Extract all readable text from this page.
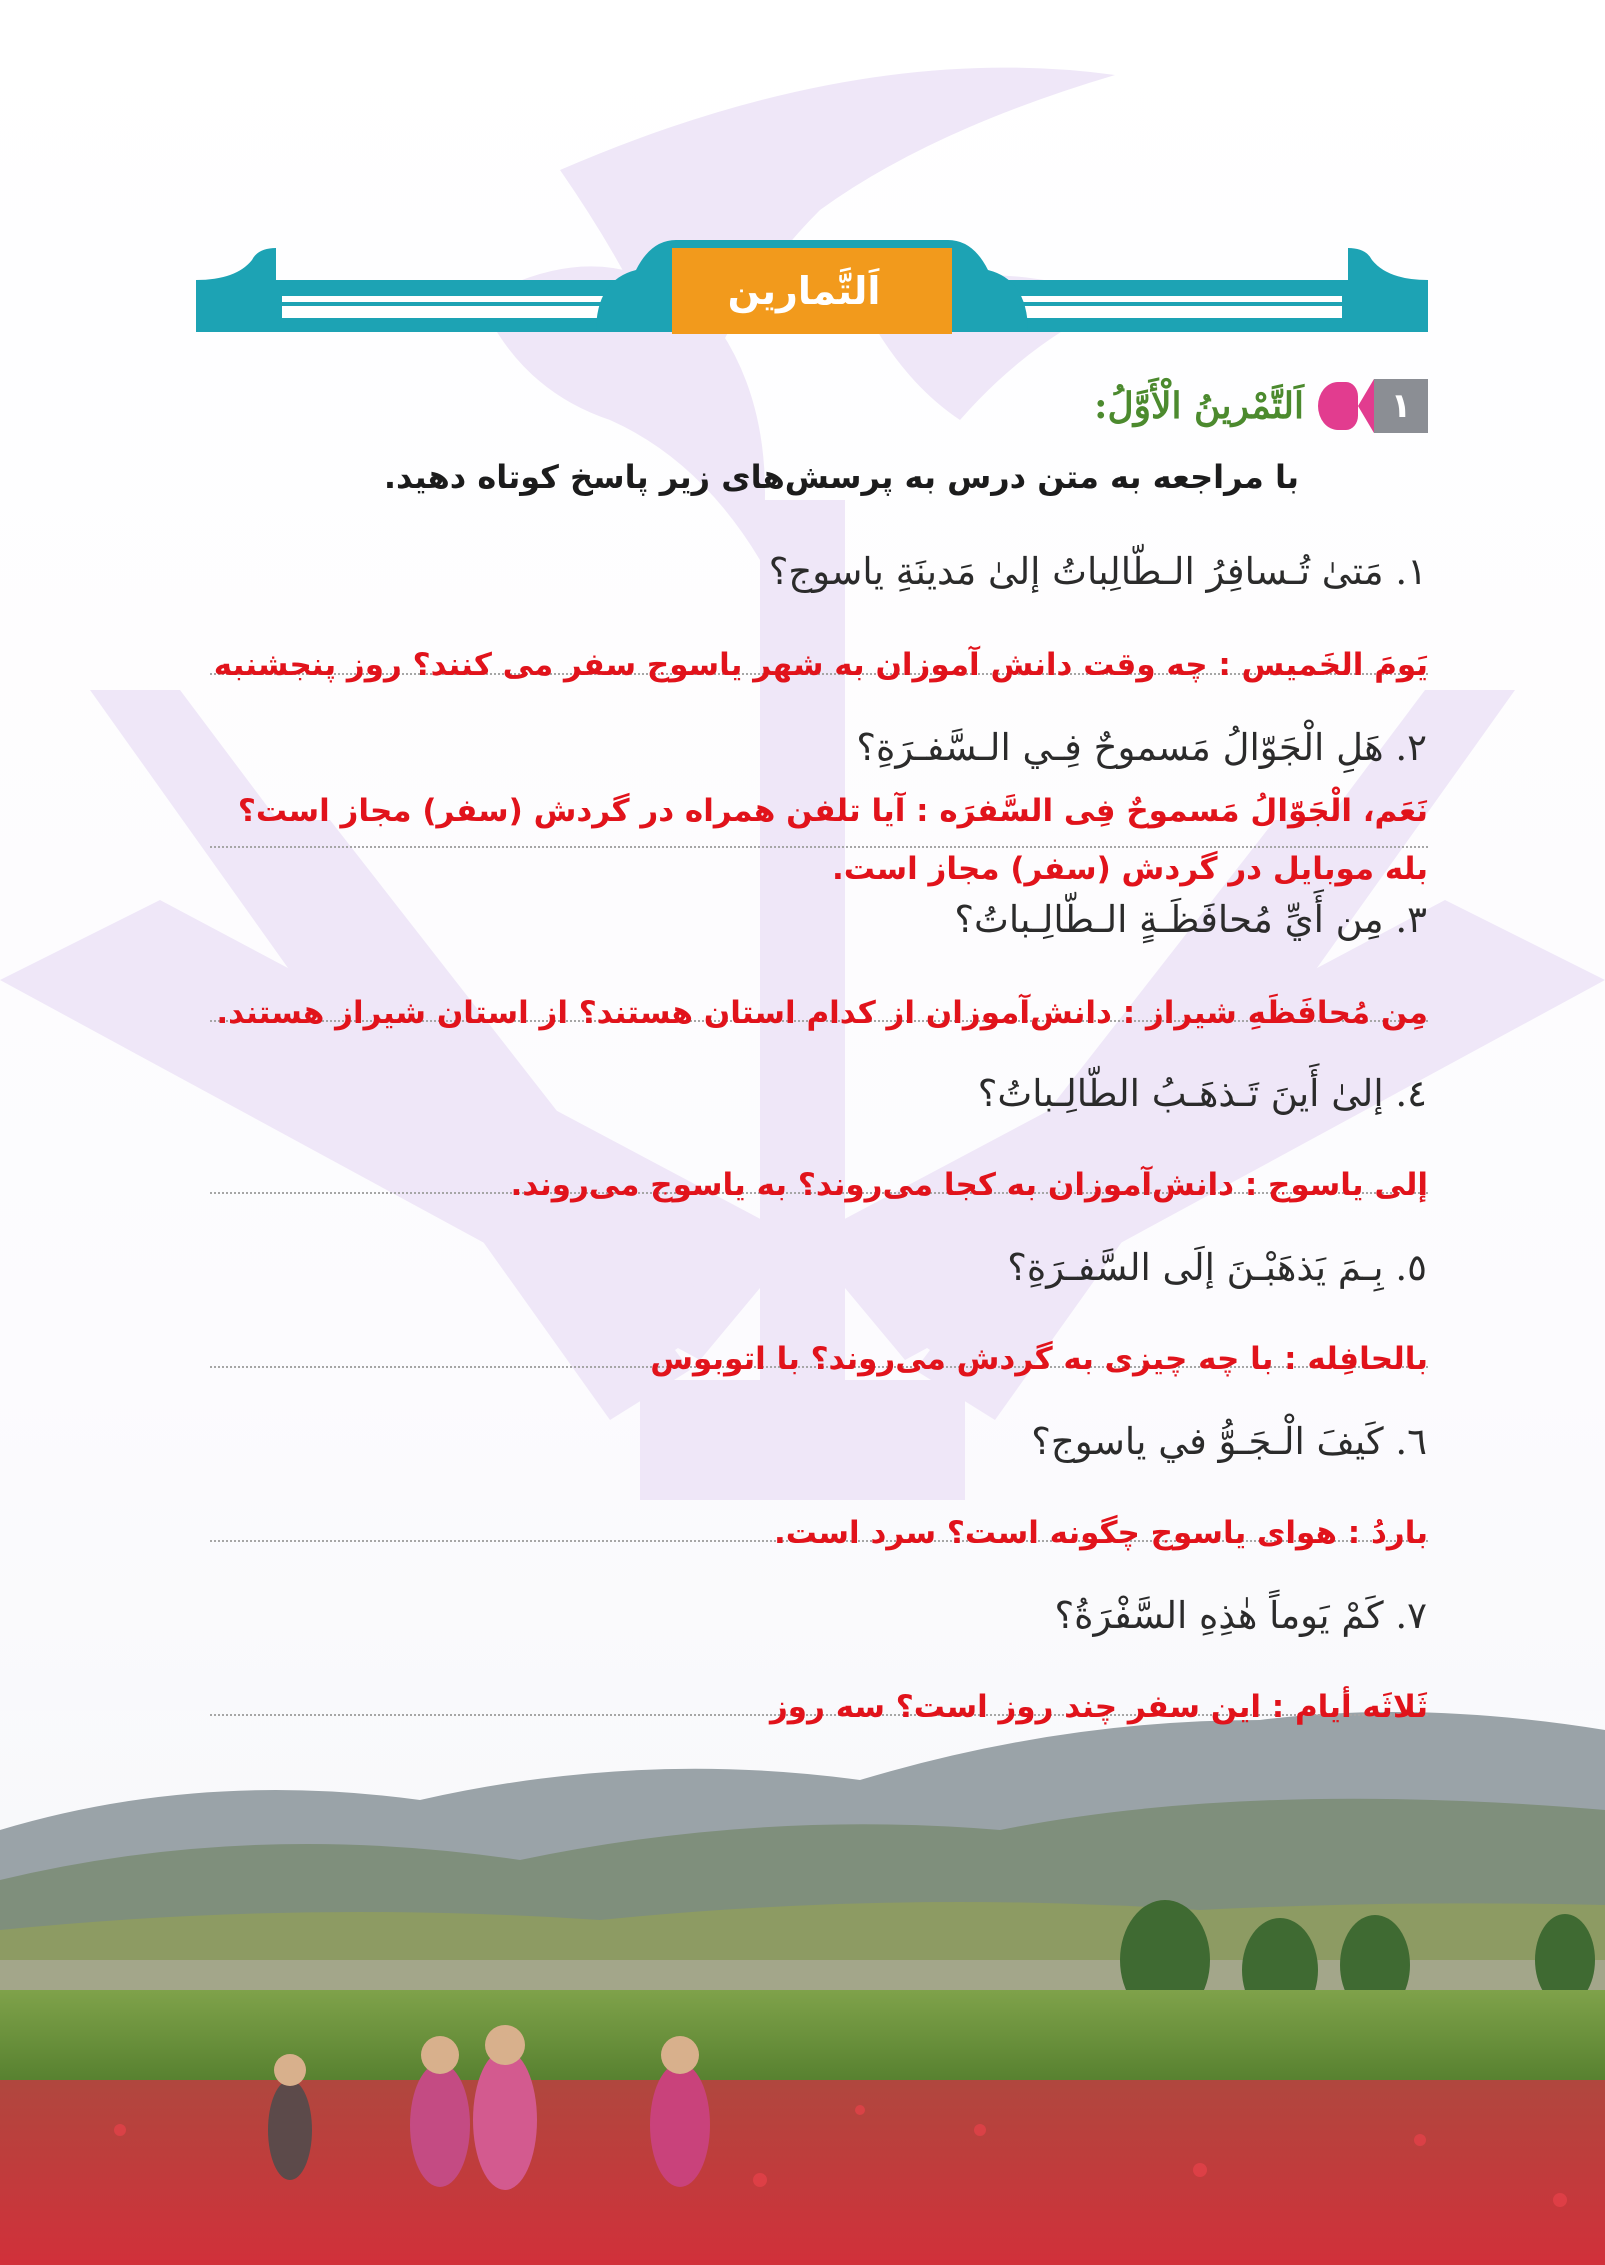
اَلتَّمارين
١
اَلتَّمْرينُ الْأَوَّلُ:
با مراجعه به متن درس به پرسش‌های زیر پاسخ کوتاه دهید.
١. مَتىٰ تُـسافِرُ الـطّالِباتُ إلىٰ مَدينَةِ ياسوج؟
يَومَ الخَميس : چه وقت دانش آموزان به شهر یاسوج سفر می کنند؟ روز پنجشنبه
٢. هَلِ الْجَوّالُ مَسموحٌ فِـي الـسَّفـرَةِ؟
نَعَم، الْجَوّالُ مَسموحٌ فِی السَّفرَه : آیا تلفن همراه در گردش (سفر) مجاز است؟ بله موبایل در گردش (سفر) مجاز است.
٣. مِن أَيِّ مُحافَظَـةٍ الـطّالِـباتُ؟
مِن مُحافَظَهِ شیراز : دانش‌آموزان از کدام استان هستند؟ از استان شیراز هستند.
٤. إلىٰ أَينَ تَـذهَـبُ الطّالِـباتُ؟
إلی یاسوج : دانش‌آموزان به کجا می‌روند؟ به یاسوج می‌روند.
٥. بِـمَ يَذهَبْـنَ إلَى السَّفـرَةِ؟
بالحافِله : با چه چیزی به گردش می‌روند؟ با اتوبوس
٦. كَيفَ الْـجَـوُّ في ياسوج؟
باردُ : هوای یاسوج چگونه است؟ سرد است.
٧. كَمْ يَوماً هٰذِهِ السَّفْرَةُ؟
ثَلاثَه أیام : این سفر چند روز است؟ سه روز
